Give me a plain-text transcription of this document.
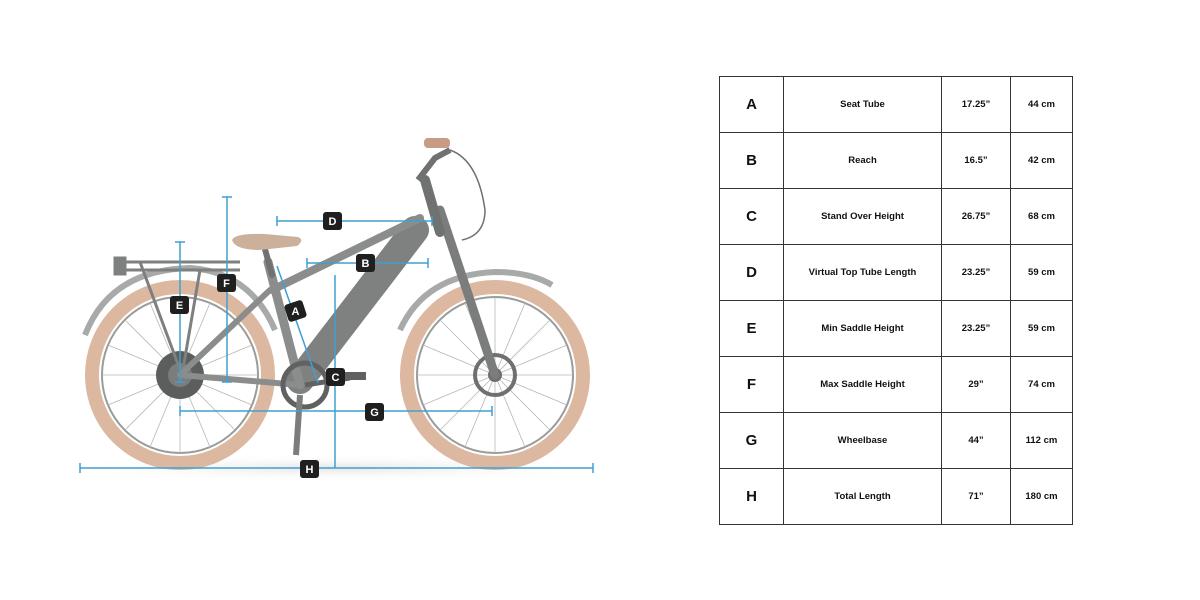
D
B
A
F
E
C
G
H
A	Seat Tube	17.25”	44 cm
B	Reach	16.5”	42 cm
C	Stand Over Height	26.75”	68 cm
D	Virtual Top Tube Length	23.25”	59 cm
E	Min Saddle Height	23.25”	59 cm
F	Max Saddle Height	29”	74 cm
G	Wheelbase	44”	112 cm
H	Total Length	71”	180 cm
